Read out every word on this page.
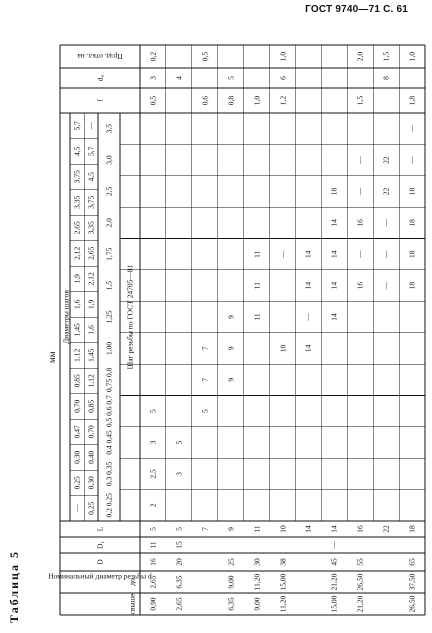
ГОСТ 9740—71 С. 61
Таблица 5
мм
Номинальный диаметр резьбы d
свыше
до
D
D₁
L
f
d₀
Прэд. откл. на
Диаметры шагов	Шаг резьбы по ГОСТ 24705—81
— 0,25
0,25 0,30
0,30 0,40
0,47 0,70
0,70 0,85
0,85 1,12
1,12 1,45
1,45 1,6
1,6 1,9
1,9 2,12
2,12 2,65
2,65 3,35
3,35 3,75
3,75 4,5
4,5 5,7
5,7 —
0,2 0,25
0,3 0,35
0,4 0,45
0,5 0,6 0,7
0,75 0,8
1,00
1,25
1,5
1,75
2,0
2,5
3,0
3,5
0,90
2,65
16
11
5
2
2,5
3
5
0,5
3
0,2
2,65
6,35
20
15
5
3
5
4
7
5
7
7
0,6
0,5
6,35
9,00
25
9
9
9
9
0,8
5
9,00
11,20
30
11
11
11
11
1,0
11,20
15,00
38
10
10
—
1,2
6
1,0
14
14
—
14
14
15,00
21,20
45
—
14
14
14
14
14
18
21,20
26,50
55
16
16
—
16
—
—
1,5
2,0
22
—
—
—
22
22
8
1,5
26,50
37,50
65
18
18
18
18
18
—
—
1,8
1,0
